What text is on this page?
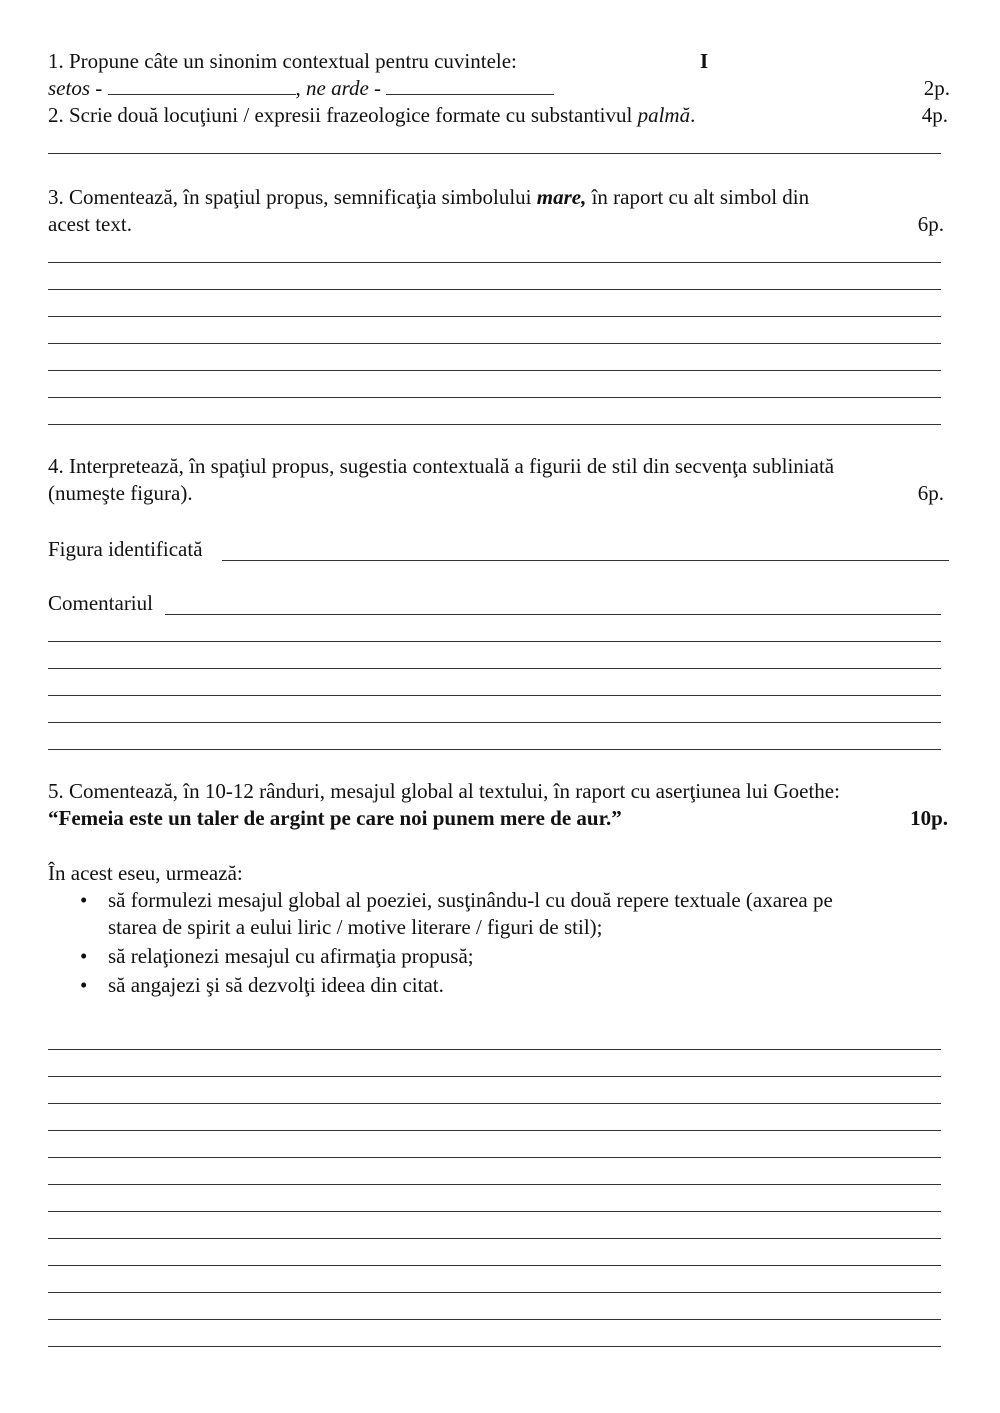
1. Propune câte un sinonim contextual pentru cuvintele:	I
setos -	, ne arde -	2p.
2. Scrie două locuţiuni / expresii frazeologice formate cu substantivul palmă.	4p.
3. Comentează, în spaţiul propus, semnificaţia simbolului mare, în raport cu alt simbol din
acest text.	6p.
4. Interpretează, în spaţiul propus, sugestia contextuală a figurii de stil din secvenţa subliniată
(numeşte figura).	6p.
Figura identificată
Comentariul
5. Comentează, în 10-12 rânduri, mesajul global al textului, în raport cu aserţiunea lui Goethe:
“Femeia este un taler de argint pe care noi punem mere de aur.”	10p.
În acest eseu, urmează:
• să formulezi mesajul global al poeziei, susţinându-l cu două repere textuale (axarea pe
starea de spirit a eului liric / motive literare / figuri de stil);
• să relaţionezi mesajul cu afirmaţia propusă;
• să angajezi şi să dezvolţi ideea din citat.
